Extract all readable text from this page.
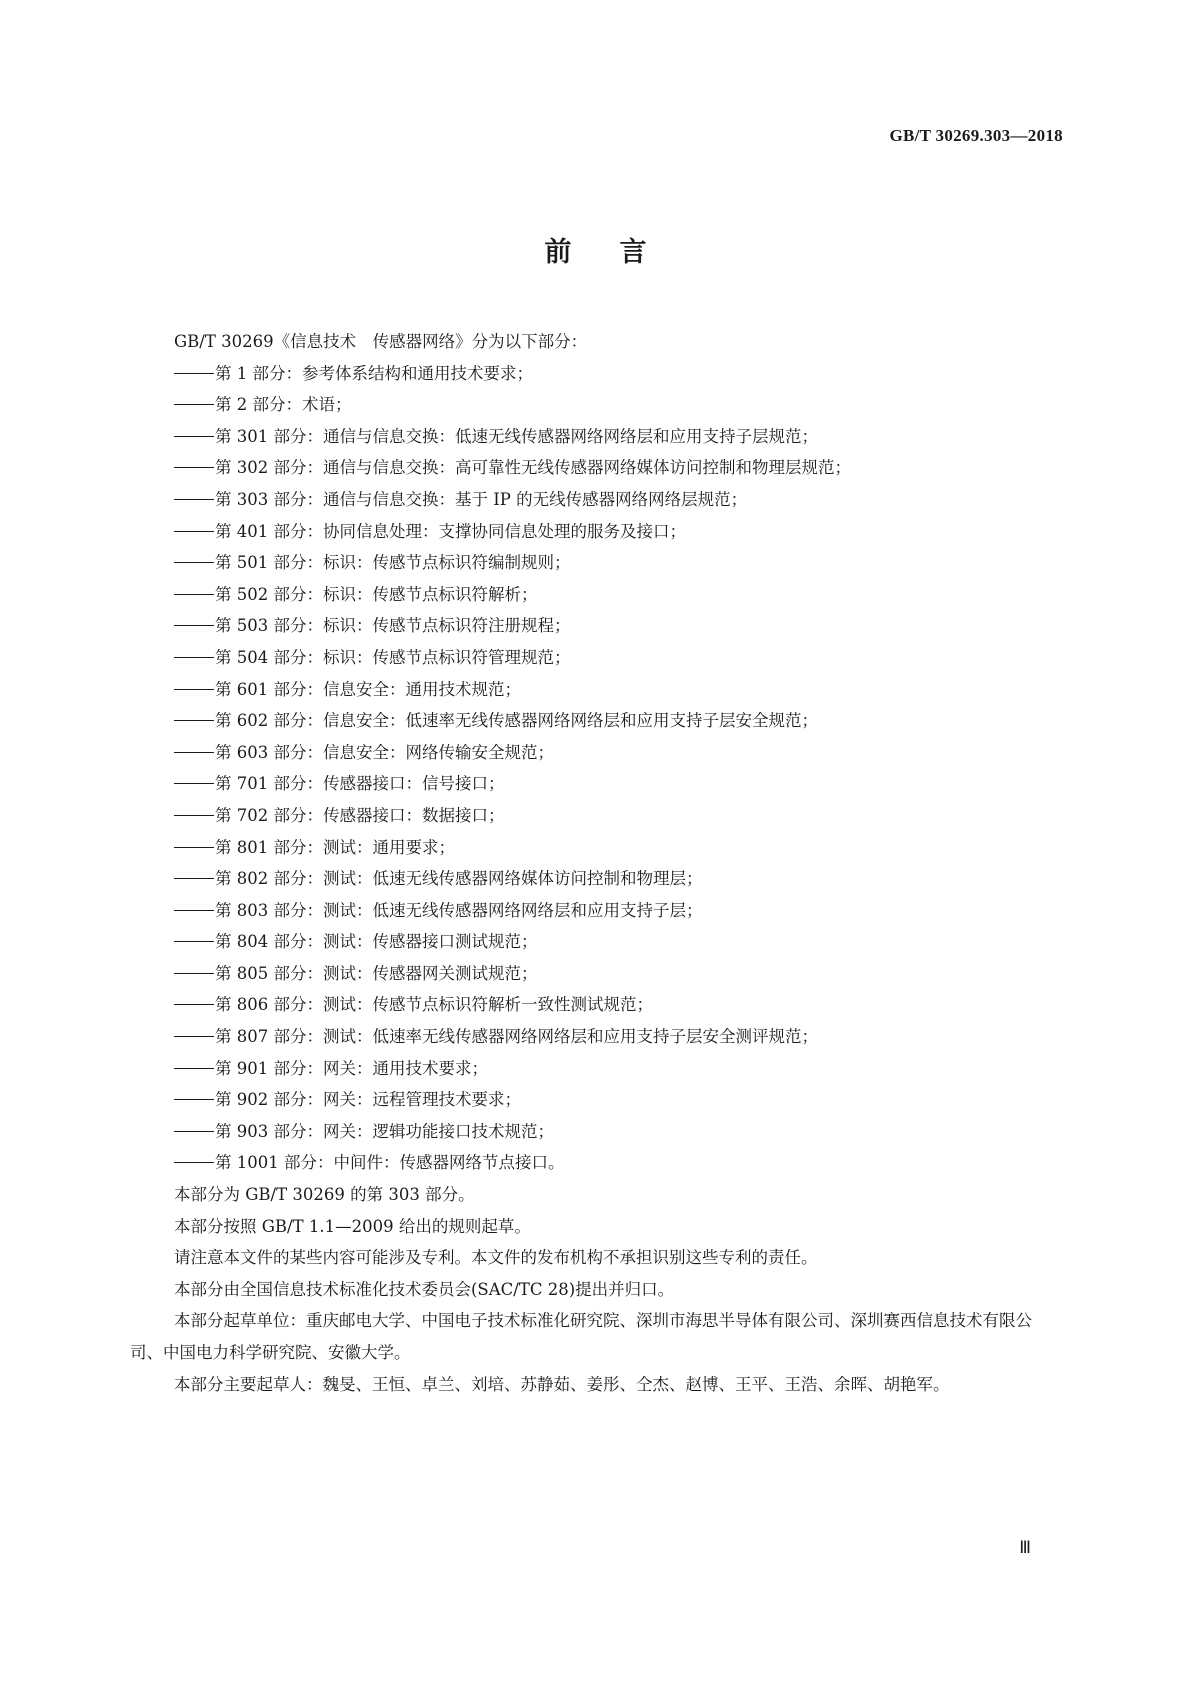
GB/T 30269.303—2018
前 言
GB/T 30269《信息技术　传感器网络》分为以下部分：
第 1 部分：参考体系结构和通用技术要求；
第 2 部分：术语；
第 301 部分：通信与信息交换：低速无线传感器网络网络层和应用支持子层规范；
第 302 部分：通信与信息交换：高可靠性无线传感器网络媒体访问控制和物理层规范；
第 303 部分：通信与信息交换：基于 IP 的无线传感器网络网络层规范；
第 401 部分：协同信息处理：支撑协同信息处理的服务及接口；
第 501 部分：标识：传感节点标识符编制规则；
第 502 部分：标识：传感节点标识符解析；
第 503 部分：标识：传感节点标识符注册规程；
第 504 部分：标识：传感节点标识符管理规范；
第 601 部分：信息安全：通用技术规范；
第 602 部分：信息安全：低速率无线传感器网络网络层和应用支持子层安全规范；
第 603 部分：信息安全：网络传输安全规范；
第 701 部分：传感器接口：信号接口；
第 702 部分：传感器接口：数据接口；
第 801 部分：测试：通用要求；
第 802 部分：测试：低速无线传感器网络媒体访问控制和物理层；
第 803 部分：测试：低速无线传感器网络网络层和应用支持子层；
第 804 部分：测试：传感器接口测试规范；
第 805 部分：测试：传感器网关测试规范；
第 806 部分：测试：传感节点标识符解析一致性测试规范；
第 807 部分：测试：低速率无线传感器网络网络层和应用支持子层安全测评规范；
第 901 部分：网关：通用技术要求；
第 902 部分：网关：远程管理技术要求；
第 903 部分：网关：逻辑功能接口技术规范；
第 1001 部分：中间件：传感器网络节点接口。
本部分为 GB/T 30269 的第 303 部分。
本部分按照 GB/T 1.1—2009 给出的规则起草。
请注意本文件的某些内容可能涉及专利。本文件的发布机构不承担识别这些专利的责任。
本部分由全国信息技术标准化技术委员会(SAC/TC 28)提出并归口。
本部分起草单位：重庆邮电大学、中国电子技术标准化研究院、深圳市海思半导体有限公司、深圳赛西信息技术有限公司、中国电力科学研究院、安徽大学。
本部分主要起草人：魏旻、王恒、卓兰、刘培、苏静茹、姜彤、仝杰、赵博、王平、王浩、余晖、胡艳军。
Ⅲ
